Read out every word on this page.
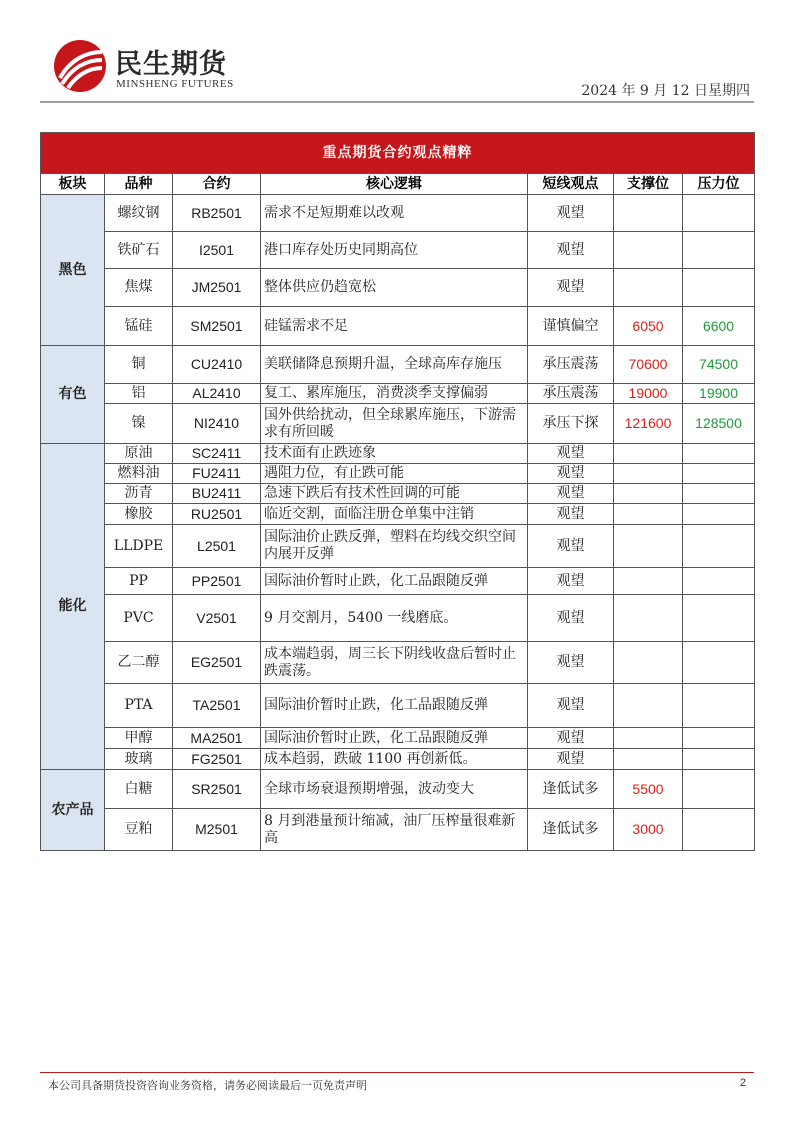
民生期货
MINSHENG FUTURES	2024 年 9 月 12 日星期四
重点期货合约观点精粹						
板块	品种	合约	核心逻辑	短线观点	支撑位	压力位
黑色	螺纹钢	RB2501	需求不足短期难以改观	观望		
	铁矿石	I2501	港口库存处历史同期高位	观望		
	焦煤	JM2501	整体供应仍趋宽松	观望		
	锰硅	SM2501	硅锰需求不足	谨慎偏空	6050	6600
有色	铜	CU2410	美联储降息预期升温，全球高库存施压	承压震荡	70600	74500
	铝	AL2410	复工、累库施压，消费淡季支撑偏弱	承压震荡	19000	19900
	镍	NI2410	国外供给扰动，但全球累库施压，下游需求有所回暖	承压下探	121600	128500
能化	原油	SC2411	技术面有止跌迹象	观望		
	燃料油	FU2411	遇阻力位，有止跌可能	观望		
	沥青	BU2411	急速下跌后有技术性回调的可能	观望		
	橡胶	RU2501	临近交割，面临注册仓单集中注销	观望		
	LLDPE	L2501	国际油价止跌反弹，塑料在均线交织空间内展开反弹	观望		
	PP	PP2501	国际油价暂时止跌，化工品跟随反弹	观望		
	PVC	V2501	9 月交割月，5400 一线磨底。	观望		
	乙二醇	EG2501	成本端趋弱，周三长下阴线收盘后暂时止跌震荡。	观望		
	PTA	TA2501	国际油价暂时止跌，化工品跟随反弹	观望		
	甲醇	MA2501	国际油价暂时止跌，化工品跟随反弹	观望		
	玻璃	FG2501	成本趋弱，跌破 1100 再创新低。	观望		
农产品	白糖	SR2501	全球市场衰退预期增强，波动变大	逢低试多	5500	
	豆粕	M2501	8 月到港量预计缩减，油厂压榨量很难新高	逢低试多	3000	
本公司具备期货投资咨询业务资格，请务必阅读最后一页免责声明	2
